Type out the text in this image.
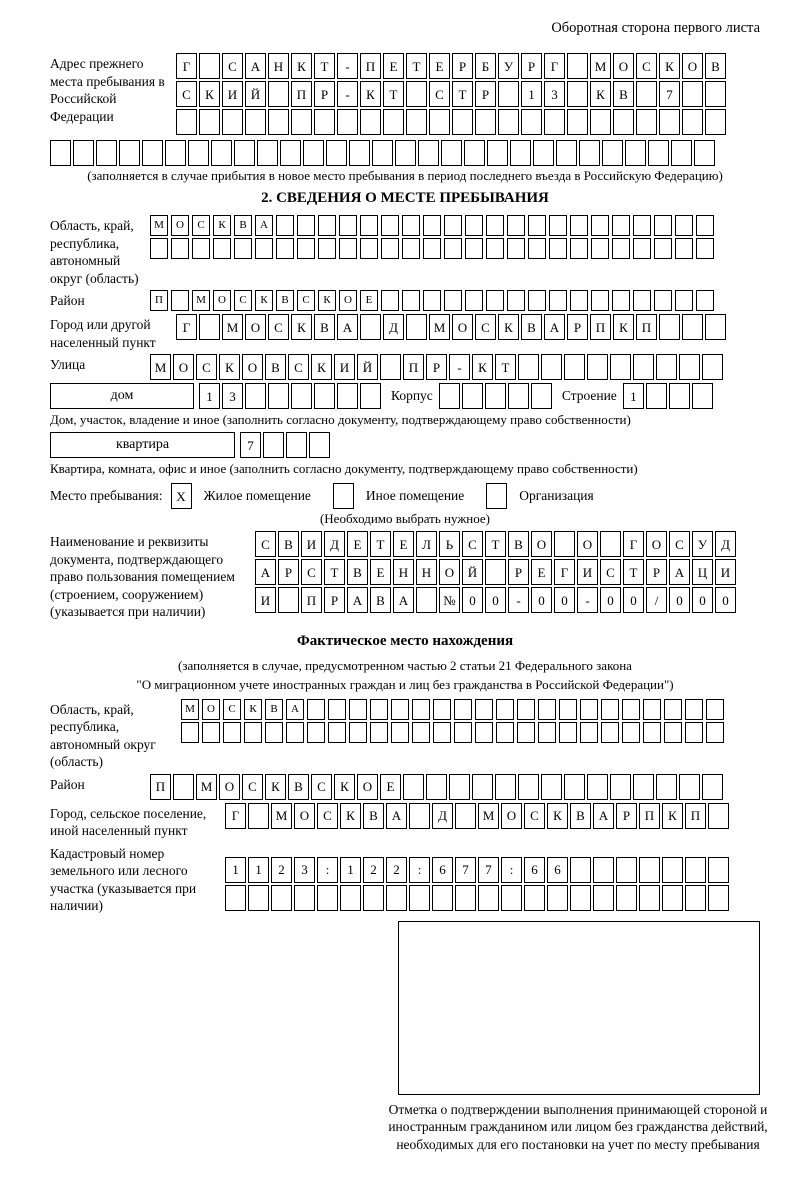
Оборотная сторона первого листа
Адрес прежнего места пребывания в Российской Федерации
Г	С	А	Н	К	Т	-	П	Е	Т	Е	Р	Б	У	Р	Г	М О	С	К	О	В
С	К	И	Й	П	Р	-	К	Т	С	Т	Р	1	3	К	В	7
(заполняется в случае прибытия в новое место пребывания в период последнего въезда в Российскую Федерацию)
2. СВЕДЕНИЯ О МЕСТЕ ПРЕБЫВАНИЯ
Область, край, республика, автономный округ (область)
М	О	С	К	В	А
Район	П	М	О	С	К	В	С	К	О	Е
Город или другой населенный пункт
Г	М О	С	К	В	А	Д	М О	С	К	В	А	Р	П	К	П
Улица	М О	С	К	О	В	С	К	И	Й	П	Р	-	К	Т
дом	1	3	Корпус	Строение	1
Дом, участок, владение и иное (заполнить согласно документу, подтверждающему право собственности)
квартира	7
Квартира, комната, офис и иное (заполнить согласно документу, подтверждающему право собственности)
Место пребывания:	X	Жилое помещение	Иное помещение	Организация
(Необходимо выбрать нужное)
Наименование и реквизиты документа, подтверждающего право пользования помещением (строением, сооружением) (указывается при наличии)
С	В	И	Д	Е	Т	Е	Л	Ь	С	Т	В	О	О	Г	О	С	У	Д
А	Р	С	Т	В	Е	Н	Н	О	Й	Р	Е	Г	И	С	Т	Р	А	Ц	И
И	П	Р	А	В	А	№	0	0	-	0	0	-	0	0	/	0	0	0
Фактическое место нахождения
(заполняется в случае, предусмотренном частью 2 статьи 21 Федерального закона
"О миграционном учете иностранных граждан и лиц без гражданства в Российской Федерации")
Область, край, республика, автономный округ (область)
М	О	С	К	В	А
Район	П	М О	С	К	В	С	К	О	Е
Город, сельское поселение, иной населенный пункт
Г	М О	С	К	В	А	Д	М О	С	К	В	А	Р	П	К	П
Кадастровый номер земельного или лесного участка (указывается при наличии)
1	1	2	3	:	1	2	2	:	6	7	7	:	6	6
Отметка о подтверждении выполнения принимающей стороной и иностранным гражданином или лицом без гражданства действий, необходимых для его постановки на учет по месту пребывания
